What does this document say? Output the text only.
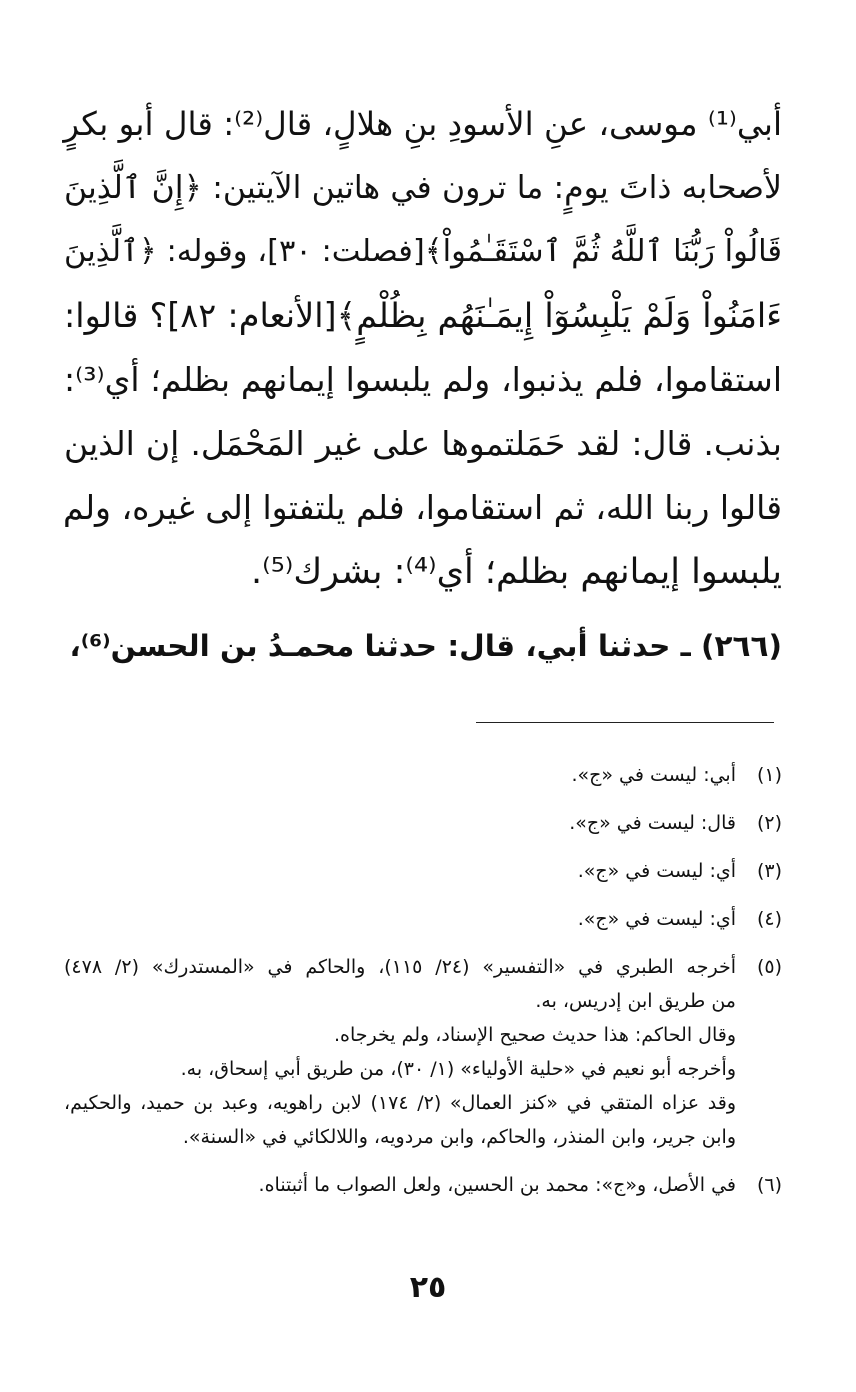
أبي⁽¹⁾ موسى، عنِ الأسودِ بنِ هلالٍ، قال⁽²⁾: قال أبو بكرٍ
لأصحابه ذاتَ يومٍ: ما ترون في هاتين الآيتين: ﴿إِنَّ ٱلَّذِينَ
قَالُواْ رَبُّنَا ٱللَّهُ ثُمَّ ٱسْتَقَـٰمُواْ﴾[فصلت: ٣٠]، وقوله: ﴿ٱلَّذِينَ
ءَامَنُواْ وَلَمْ يَلْبِسُوٓاْ إِيمَـٰنَهُم بِظُلْمٍ﴾[الأنعام: ٨٢]؟ قالوا:
استقاموا، فلم يذنبوا، ولم يلبسوا إيمانهم بظلم؛ أي⁽³⁾:
بذنب. قال: لقد حَمَلتموها على غير المَحْمَل. إن الذين
قالوا ربنا الله، ثم استقاموا، فلم يلتفتوا إلى غيره، ولم
يلبسوا إيمانهم بظلم؛ أي⁽⁴⁾: بشرك⁽⁵⁾.
(٢٦٦) ـ حدثنا أبي، قال: حدثنا محمـدُ بن الحسن⁽⁶⁾،
(١)
أبي: ليست في «ج».
(٢)
قال: ليست في «ج».
(٣)
أي: ليست في «ج».
(٤)
أي: ليست في «ج».
(٥)
أخرجه الطبري في «التفسير» (٢٤/ ١١٥)، والحاكم في «المستدرك» (٢/ ٤٧٨)
من طريق ابن إدريس، به.
وقال الحاكم: هذا حديث صحيح الإسناد، ولم يخرجاه.
وأخرجه أبو نعيم في «حلية الأولياء» (١/ ٣٠)، من طريق أبي إسحاق، به.
وقد عزاه المتقي في «كنز العمال» (٢/ ١٧٤) لابن راهويه، وعبد بن حميد، والحكيم،
وابن جرير، وابن المنذر، والحاكم، وابن مردويه، واللالكائي في «السنة».
(٦)
في الأصل، و«ج»: محمد بن الحسين، ولعل الصواب ما أثبتناه.
٢٥
